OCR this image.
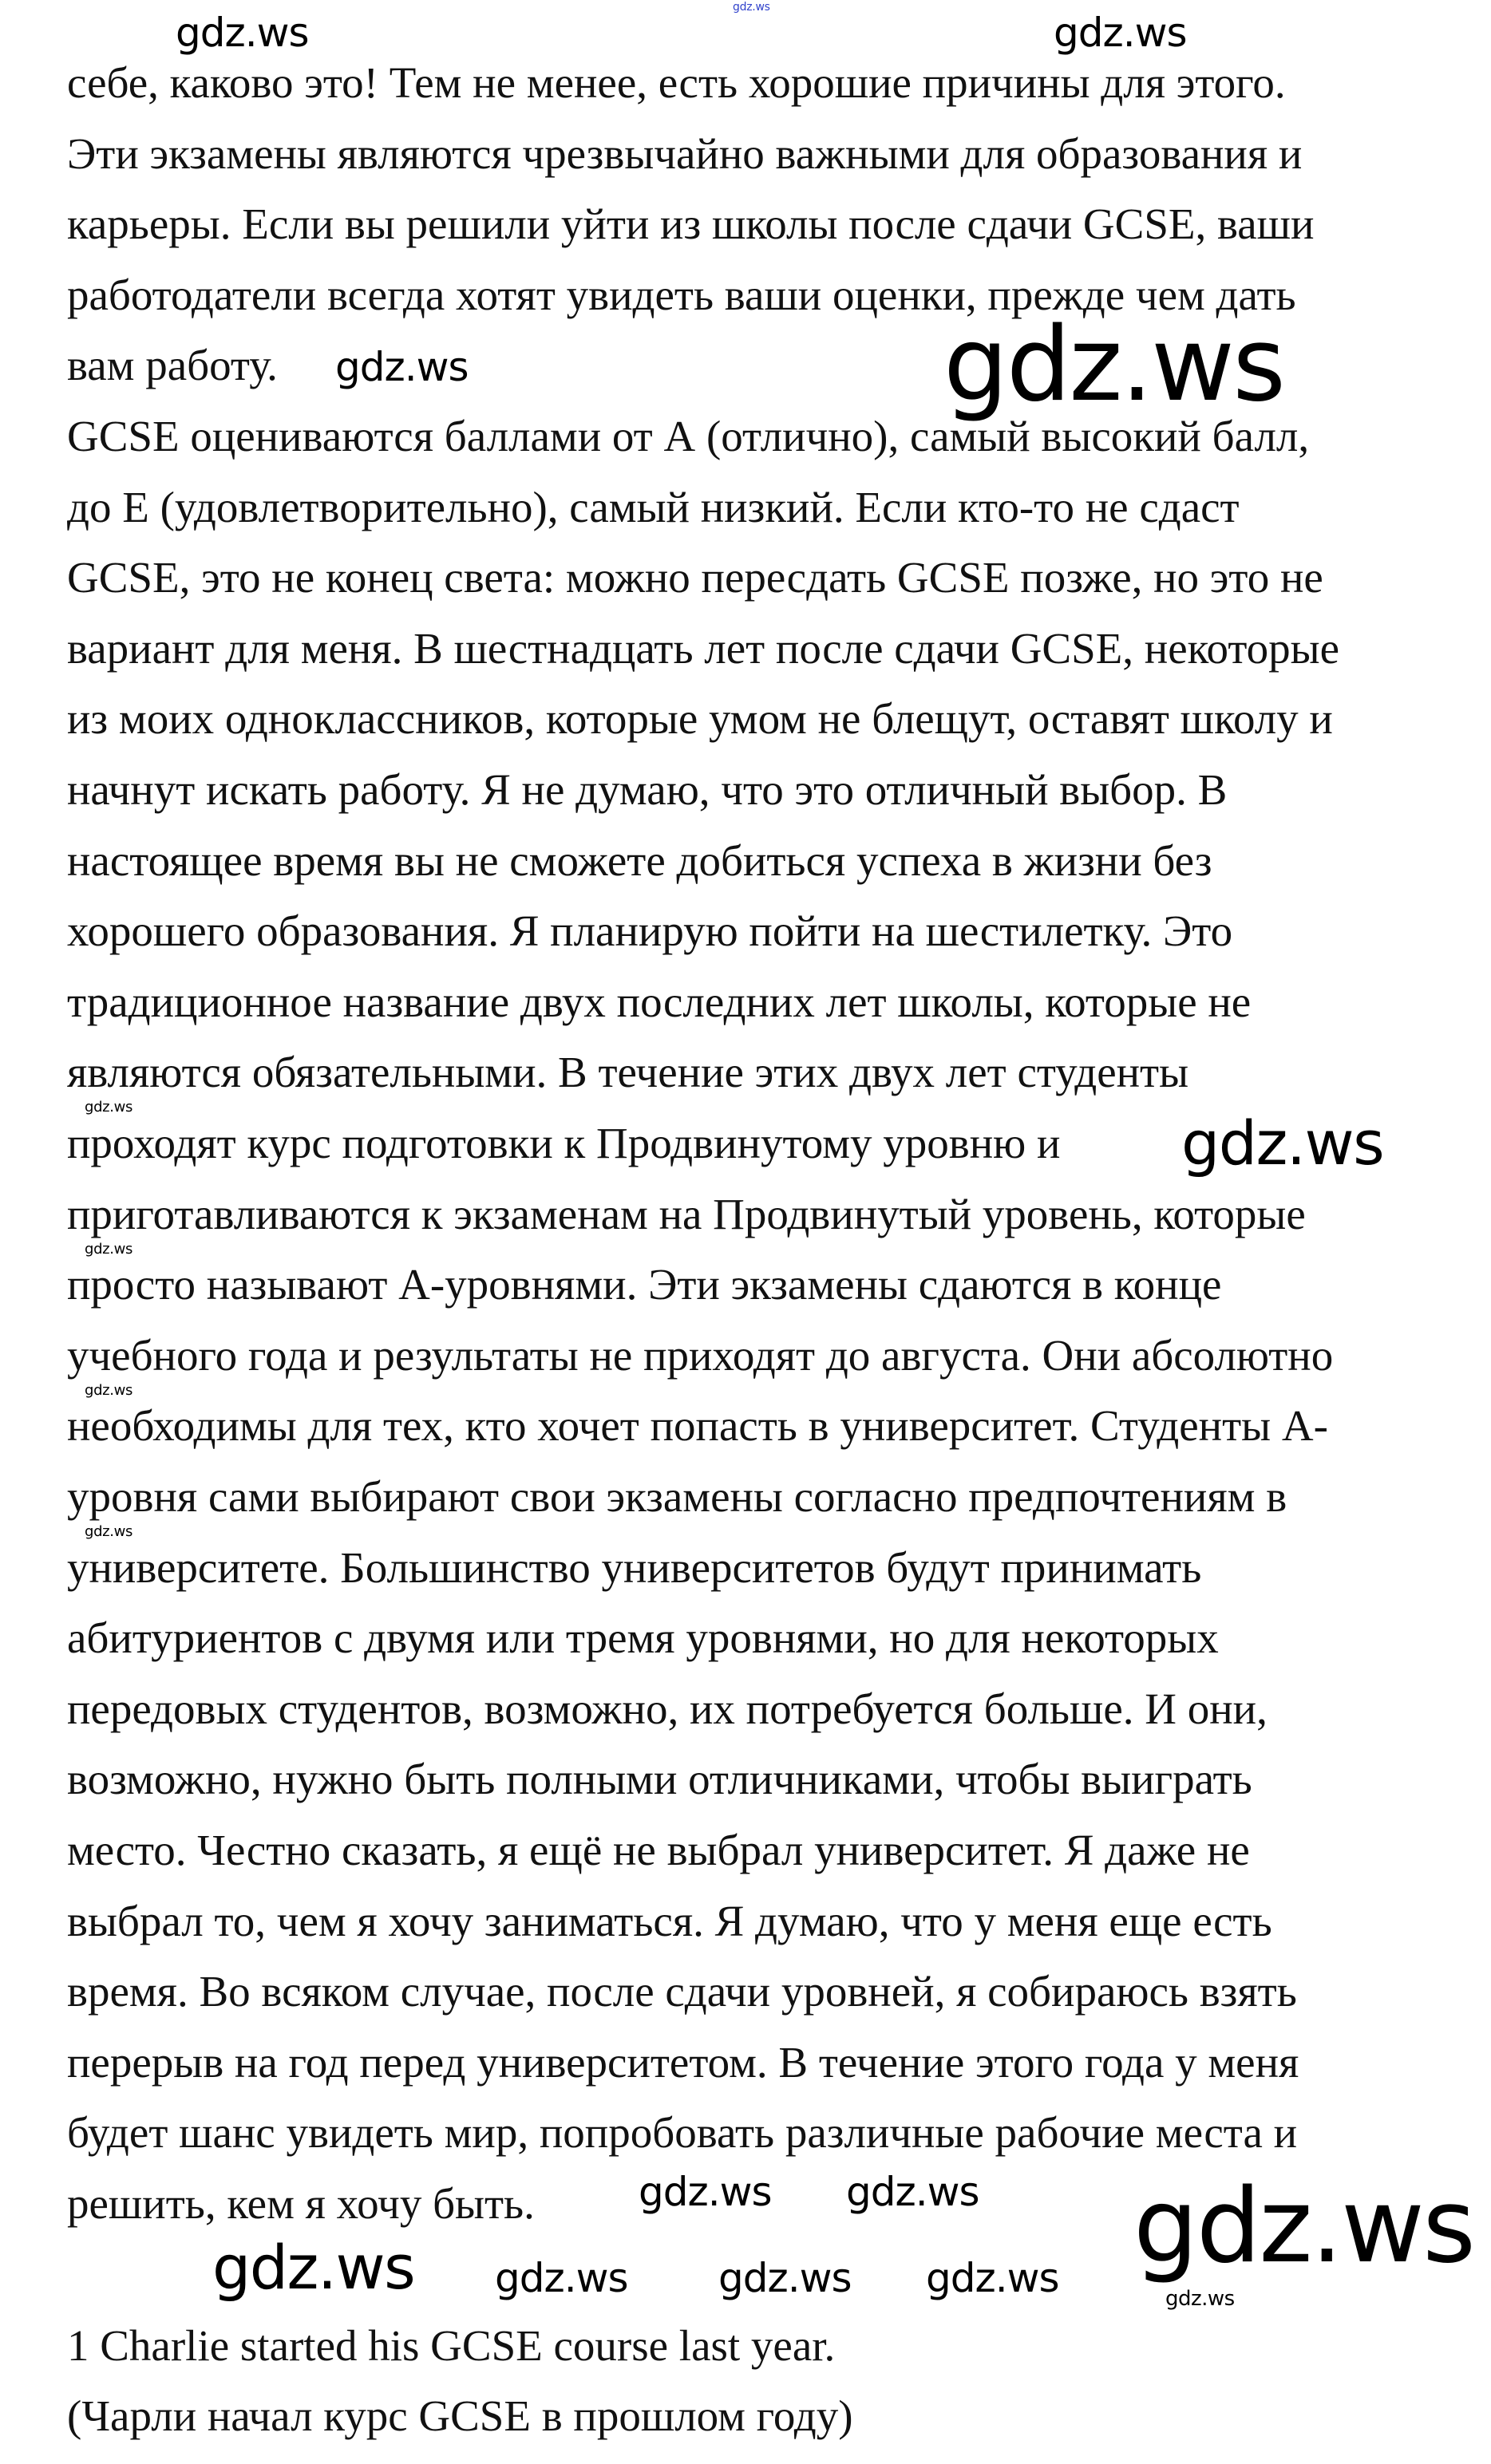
себе, каково это! Тем не менее, есть хорошие причины для этого.
Эти экзамены являются чрезвычайно важными для образования и
карьеры. Если вы решили уйти из школы после сдачи GCSE, ваши
работодатели всегда хотят увидеть ваши оценки, прежде чем дать
вам работу.
GCSE оцениваются баллами от А (отлично), самый высокий балл,
до Е (удовлетворительно), самый низкий. Если кто-то не сдаст
GCSE, это не конец света: можно пересдать GCSE позже, но это не
вариант для меня. В шестнадцать лет после сдачи GCSE, некоторые
из моих одноклассников, которые умом не блещут, оставят школу и
начнут искать работу. Я не думаю, что это отличный выбор. В
настоящее время вы не сможете добиться успеха в жизни без
хорошего образования. Я планирую пойти на шестилетку. Это
традиционное название двух последних лет школы, которые не
являются обязательными. В течение этих двух лет студенты
проходят курс подготовки к Продвинутому уровню и
приготавливаются к экзаменам на Продвинутый уровень, которые
просто называют А-уровнями. Эти экзамены сдаются в конце
учебного года и результаты не приходят до августа. Они абсолютно
необходимы для тех, кто хочет попасть в университет. Студенты А-
уровня сами выбирают свои экзамены согласно предпочтениям в
университете. Большинство университетов будут принимать
абитуриентов с двумя или тремя уровнями, но для некоторых
передовых студентов, возможно, их потребуется больше. И они,
возможно, нужно быть полными отличниками, чтобы выиграть
место. Честно сказать, я ещё не выбрал университет. Я даже не
выбрал то, чем я хочу заниматься. Я думаю, что у меня еще есть
время. Во всяком случае, после сдачи уровней, я собираюсь взять
перерыв на год перед университетом. В течение этого года у меня
будет шанс увидеть мир, попробовать различные рабочие места и
решить, кем я хочу быть.
1 Charlie started his GCSE course last year.
(Чарли начал курс GCSE в прошлом году)
gdz.ws
gdz.ws	gdz.ws
gdz.ws	gdz.ws
gdz.ws
gdz.ws
gdz.ws
gdz.ws
gdz.ws
gdz.ws gdz.ws gdz.ws
gdz.ws gdz.ws gdz.ws gdz.ws	gdz.ws
